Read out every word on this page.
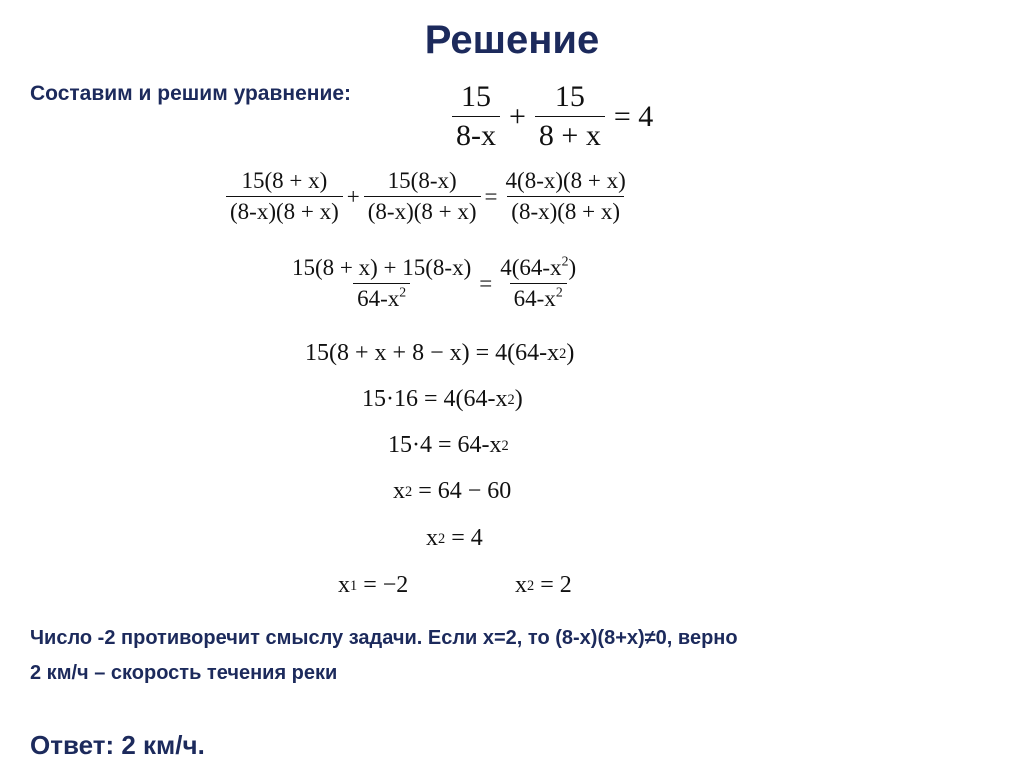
Решение
Составим и решим уравнение:	$\frac{15}{8-x} + \frac{15}{8 + x} = 4$
$\frac{15(8 + x)}{(8-x)(8 + x)} + \frac{15(8-x)}{(8-x)(8 + x)} = \frac{4(8-x)(8 + x)}{(8-x)(8 + x)}$
$\frac{15(8 + x) + 15(8-x)}{64-x^2} = \frac{4(64-x^2)}{64-x^2}$
15(8 + x + 8 − x) = 4(64-x 2 )
15·16 = 4(64-x 2 )
15·4 = 64-x 2
x 2 = 64 − 60
x 2 = 4
x 1 = −2	x 2 = 2
Число -2 противоречит смыслу задачи. Если x=2, то (8-x)(8+x)≠0, верно
2 км/ч – скорость течения реки
Ответ: 2 км/ч.
